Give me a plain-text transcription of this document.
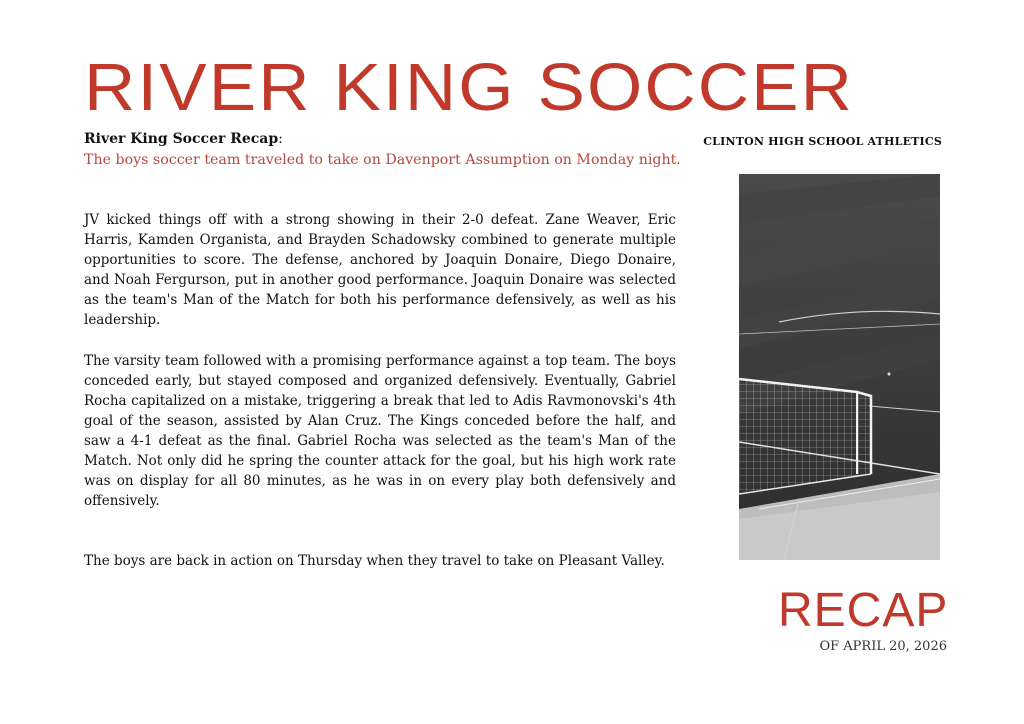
RIVER KING SOCCER
CLINTON HIGH SCHOOL ATHLETICS
River King Soccer Recap:
The boys soccer team traveled to take on Davenport Assumption on Monday night.

JV kicked things off with a strong showing in their 2-0 defeat. Zane Weaver, Eric Harris, Kamden Organista, and Brayden Schadowsky combined to generate multiple opportunities to score. The defense, anchored by Joaquin Donaire, Diego Donaire, and Noah Fergurson, put in another good performance. Joaquin Donaire was selected as the team's Man of the Match for both his performance defensively, as well as his leadership.

The varsity team followed with a promising performance against a top team. The boys conceded early, but stayed composed and organized defensively. Eventually, Gabriel Rocha capitalized on a mistake, triggering a break that led to Adis Ravmonovski's 4th goal of the season, assisted by Alan Cruz. The Kings conceded before the half, and saw a 4-1 defeat as the final. Gabriel Rocha was selected as the team's Man of the Match. Not only did he spring the counter attack for the goal, but his high work rate was on display for all 80 minutes, as he was in on every play both defensively and offensively.

The boys are back in action on Thursday when they travel to take on Pleasant Valley.

RECAP
OF APRIL 20, 2026
